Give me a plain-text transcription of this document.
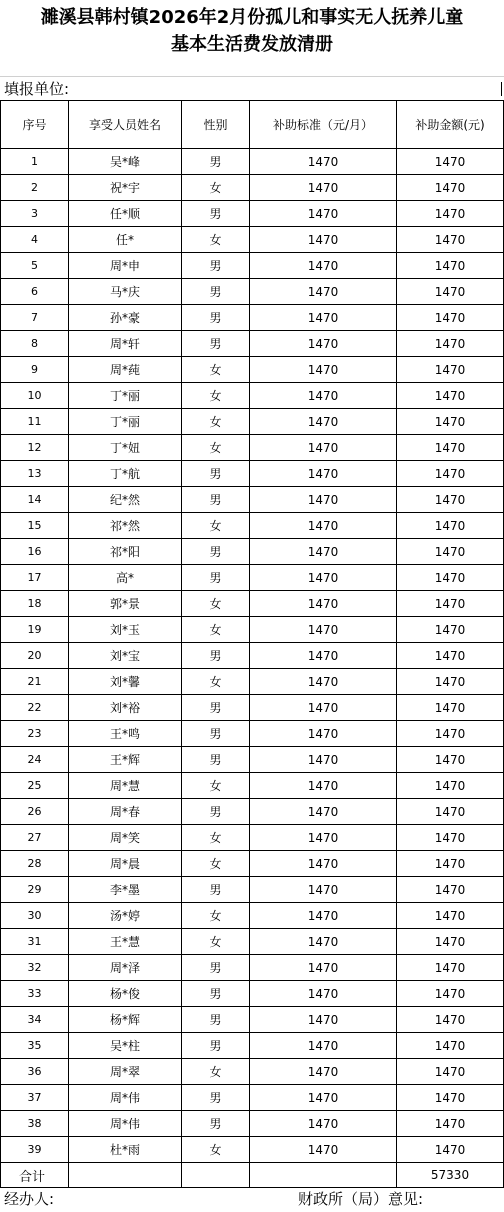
濉溪县韩村镇2026年2月份孤儿和事实无人抚养儿童
基本生活费发放清册
填报单位:
序号	享受人员姓名	性别	补助标准（元/月）	补助金额(元)
1	吴*峰	男	1470	1470
2	祝*宇	女	1470	1470
3	任*顺	男	1470	1470
4	任*	女	1470	1470
5	周*申	男	1470	1470
6	马*庆	男	1470	1470
7	孙*豪	男	1470	1470
8	周*轩	男	1470	1470
9	周*莼	女	1470	1470
10	丁*丽	女	1470	1470
11	丁*丽	女	1470	1470
12	丁*妞	女	1470	1470
13	丁*航	男	1470	1470
14	纪*然	男	1470	1470
15	祁*然	女	1470	1470
16	祁*阳	男	1470	1470
17	高*	男	1470	1470
18	郭*景	女	1470	1470
19	刘*玉	女	1470	1470
20	刘*宝	男	1470	1470
21	刘*馨	女	1470	1470
22	刘*裕	男	1470	1470
23	王*鸣	男	1470	1470
24	王*辉	男	1470	1470
25	周*慧	女	1470	1470
26	周*春	男	1470	1470
27	周*笑	女	1470	1470
28	周*晨	女	1470	1470
29	李*墨	男	1470	1470
30	汤*婷	女	1470	1470
31	王*慧	女	1470	1470
32	周*泽	男	1470	1470
33	杨*俊	男	1470	1470
34	杨*辉	男	1470	1470
35	吴*柱	男	1470	1470
36	周*翠	女	1470	1470
37	周*伟	男	1470	1470
38	周*伟	男	1470	1470
39	杜*雨	女	1470	1470
合计				57330
经办人:	财政所（局）意见:
